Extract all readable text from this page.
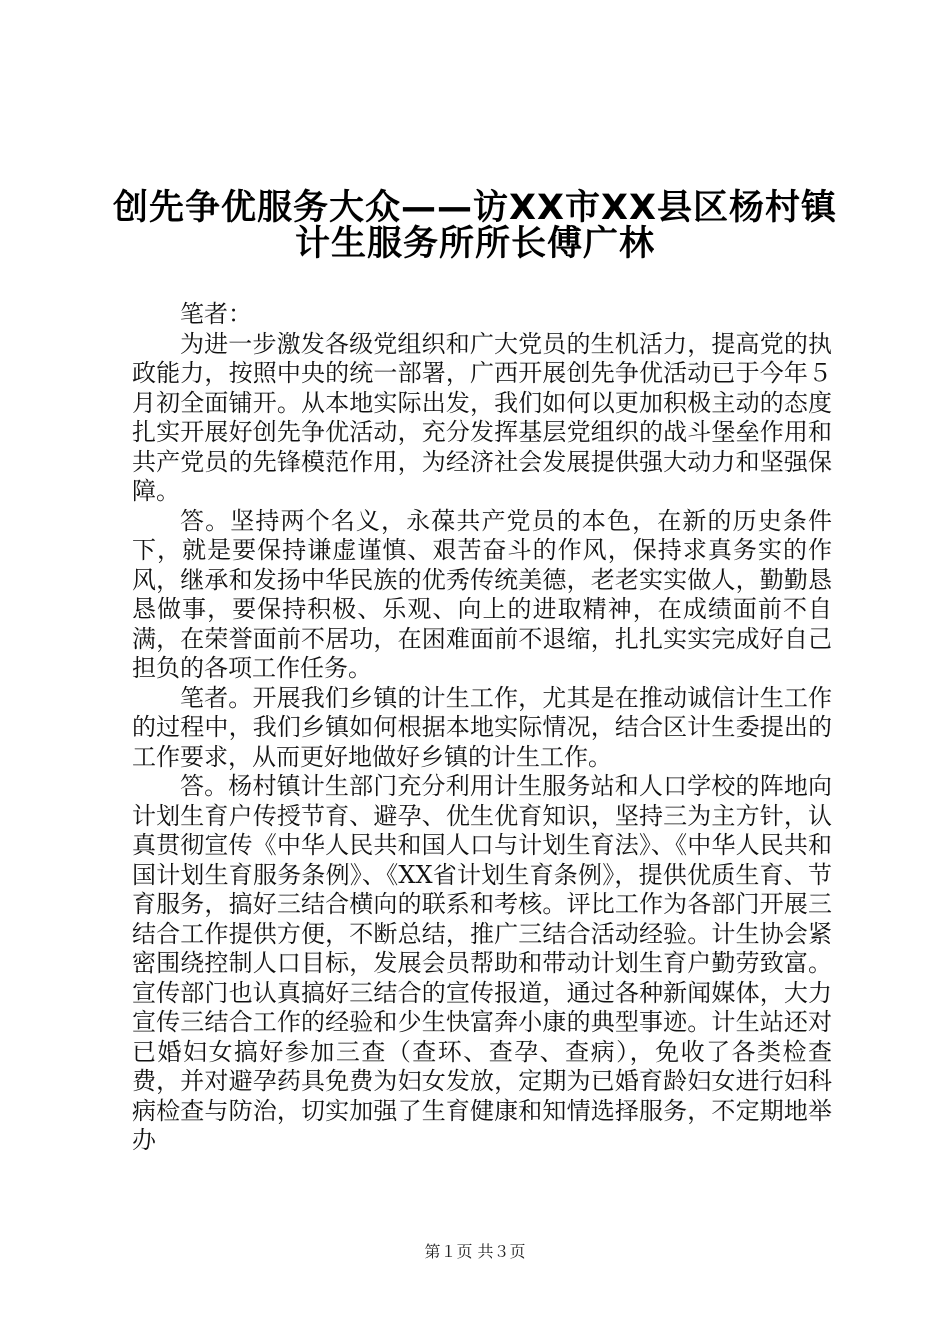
创先争优服务大众——访XX市XX县区杨村镇
计生服务所所长傅广林

笔者：

为进一步激发各级党组织和广大党员的生机活力，提高党的执政能力，按照中央的统一部署，广西开展创先争优活动已于今年５月初全面铺开。从本地实际出发，我们如何以更加积极主动的态度扎实开展好创先争优活动，充分发挥基层党组织的战斗堡垒作用和共产党员的先锋模范作用，为经济社会发展提供强大动力和坚强保障。

答。坚持两个名义，永葆共产党员的本色，在新的历史条件下，就是要保持谦虚谨慎、艰苦奋斗的作风，保持求真务实的作风，继承和发扬中华民族的优秀传统美德，老老实实做人，勤勤恳恳做事，要保持积极、乐观、向上的进取精神，在成绩面前不自满，在荣誉面前不居功，在困难面前不退缩，扎扎实实完成好自己担负的各项工作任务。

笔者。开展我们乡镇的计生工作，尤其是在推动诚信计生工作的过程中，我们乡镇如何根据本地实际情况，结合区计生委提出的工作要求，从而更好地做好乡镇的计生工作。

答。杨村镇计生部门充分利用计生服务站和人口学校的阵地向计划生育户传授节育、避孕、优生优育知识，坚持三为主方针，认真贯彻宣传《中华人民共和国人口与计划生育法》、《中华人民共和国计划生育服务条例》、《XX省计划生育条例》，提供优质生育、节育服务，搞好三结合横向的联系和考核。评比工作为各部门开展三结合工作提供方便，不断总结，推广三结合活动经验。计生协会紧密围绕控制人口目标，发展会员帮助和带动计划生育户勤劳致富。宣传部门也认真搞好三结合的宣传报道，通过各种新闻媒体，大力宣传三结合工作的经验和少生快富奔小康的典型事迹。计生站还对已婚妇女搞好参加三查（查环、查孕、查病），免收了各类检查费，并对避孕药具免费为妇女发放，定期为已婚育龄妇女进行妇科病检查与防治，切实加强了生育健康和知情选择服务，不定期地举办

第１页 共３页
